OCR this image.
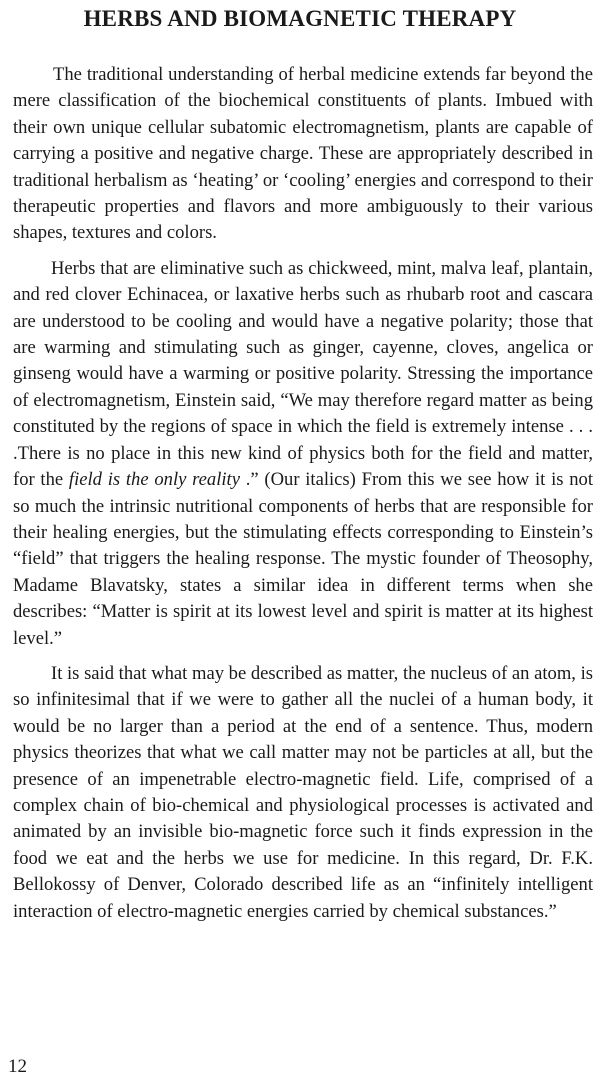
HERBS AND BIOMAGNETIC THERAPY

The traditional understanding of herbal medicine extends far beyond the mere classification of the biochemical constituents of plants. Imbued with their own unique cellular subatomic electromagnetism, plants are capable of carrying a positive and negative charge. These are appropriately described in traditional herbalism as ‘heating’ or ‘cooling’ energies and correspond to their therapeutic properties and flavors and more ambiguously to their various shapes, textures and colors.

Herbs that are eliminative such as chickweed, mint, malva leaf, plantain, and red clover Echinacea, or laxative herbs such as rhubarb root and cascara are understood to be cooling and would have a negative polarity; those that are warming and stimulating such as ginger, cayenne, cloves, angelica or ginseng would have a warming or positive polarity. Stressing the importance of electromagnetism, Einstein said, “We may therefore regard matter as being constituted by the regions of space in which the field is extremely intense . . . .There is no place in this new kind of physics both for the field and matter, for the field is the only reality .” (Our italics) From this we see how it is not so much the intrinsic nutritional components of herbs that are responsible for their healing energies, but the stimulating effects corresponding to Einstein’s “field” that triggers the healing response. The mystic founder of Theosophy, Madame Blavatsky, states a similar idea in different terms when she describes: “Matter is spirit at its lowest level and spirit is matter at its highest level.”

It is said that what may be described as matter, the nucleus of an atom, is so infinitesimal that if we were to gather all the nuclei of a human body, it would be no larger than a period at the end of a sentence. Thus, modern physics theorizes that what we call matter may not be particles at all, but the presence of an impenetrable electro-magnetic field. Life, comprised of a complex chain of bio-chemical and physiological processes is activated and animated by an invisible bio-magnetic force such it finds expression in the food we eat and the herbs we use for medicine. In this regard, Dr. F.K. Bellokossy of Denver, Colorado described life as an “infinitely intelligent interaction of electro-magnetic energies carried by chemical substances.”

12
